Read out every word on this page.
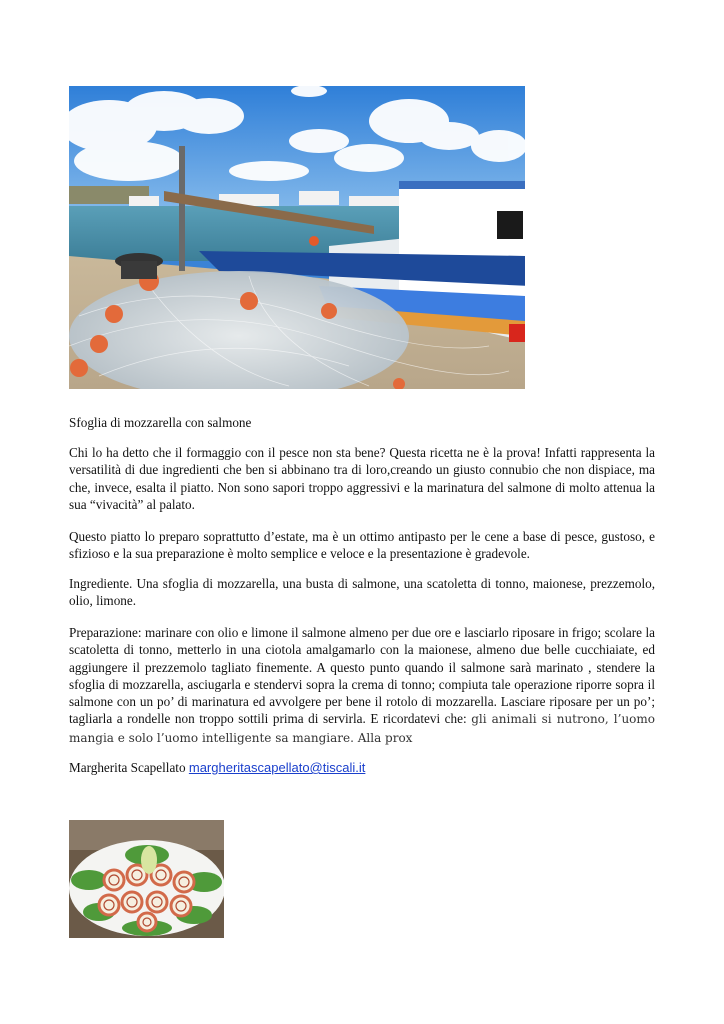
Sfoglia di mozzarella con salmone

Chi lo ha detto che il formaggio con il pesce non sta bene? Questa ricetta ne è la prova! Infatti rappresenta la versatilità di due ingredienti che ben si abbinano tra di loro,creando un giusto connubio che non dispiace, ma che, invece, esalta il piatto. Non sono sapori troppo aggressivi e la marinatura del salmone di molto attenua la sua “vivacità” al palato.

Questo piatto lo preparo soprattutto d’estate, ma è un ottimo antipasto per le cene a base di pesce, gustoso, e sfizioso e la sua preparazione è molto semplice e veloce e la presentazione è gradevole.

Ingrediente. Una sfoglia di mozzarella, una busta di salmone, una scatoletta di tonno, maionese, prezzemolo, olio, limone.

Preparazione: marinare con olio e limone il salmone almeno per due ore e lasciarlo riposare in frigo; scolare la scatoletta di tonno, metterlo in una ciotola amalgamarlo con la maionese, almeno due belle cucchiaiate, ed aggiungere il prezzemolo tagliato finemente. A questo punto quando il salmone sarà marinato , stendere la sfoglia di mozzarella, asciugarla e stendervi sopra la crema di tonno; compiuta tale operazione riporre sopra il salmone con un po’ di marinatura ed avvolgere per bene il rotolo di mozzarella. Lasciare riposare per un po’; tagliarla a rondelle non troppo sottili prima di servirla. E ricordatevi che: gli animali si nutrono, l’uomo mangia e solo l’uomo intelligente sa mangiare. Alla prox

Margherita Scapellato margheritascapellato@tiscali.it
